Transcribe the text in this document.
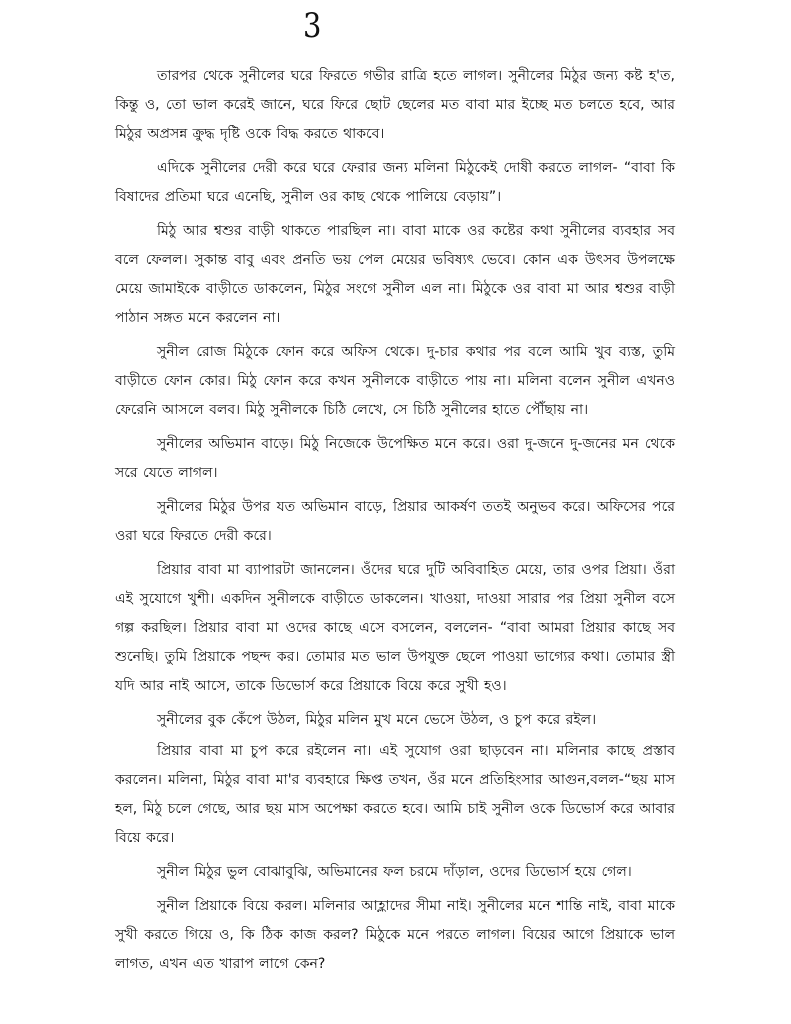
3

তারপর থেকে সুনীলের ঘরে ফিরতে গভীর রাত্রি হতে লাগল। সুনীলের মিঠুর জন্য কষ্ট হ'ত, কিন্তু ও, তো ভাল করেই জানে, ঘরে ফিরে ছোট ছেলের মত বাবা মার ইচ্ছে মত চলতে হবে, আর মিঠুর অপ্রসন্ন ক্রুদ্ধ দৃষ্টি ওকে বিদ্ধ করতে থাকবে।

এদিকে সুনীলের দেরী করে ঘরে ফেরার জন্য মলিনা মিঠুকেই দোষী করতে লাগল- “বাবা কি বিষাদের প্রতিমা ঘরে এনেছি, সুনীল ওর কাছ থেকে পালিয়ে বেড়ায়”।

মিঠু আর শ্বশুর বাড়ী থাকতে পারছিল না। বাবা মাকে ওর কষ্টের কথা সুনীলের ব্যবহার সব বলে ফেলল। সুকান্ত বাবু এবং প্রনতি ভয় পেল মেয়ের ভবিষ্যৎ ভেবে। কোন এক উৎসব উপলক্ষে মেয়ে জামাইকে বাড়ীতে ডাকলেন, মিঠুর সংগে সুনীল এল না। মিঠুকে ওর বাবা মা আর শ্বশুর বাড়ী পাঠান সঙ্গত মনে করলেন না।

সুনীল রোজ মিঠুকে ফোন করে অফিস থেকে। দু-চার কথার পর বলে আমি খুব ব্যস্ত, তুমি বাড়ীতে ফোন কোর। মিঠু ফোন করে কখন সুনীলকে বাড়ীতে পায় না। মলিনা বলেন সুনীল এখনও ফেরেনি আসলে বলব। মিঠু সুনীলকে চিঠি লেখে, সে চিঠি সুনীলের হাতে পৌঁছায় না।

সুনীলের অভিমান বাড়ে। মিঠু নিজেকে উপেক্ষিত মনে করে। ওরা দু-জনে দু-জনের মন থেকে সরে যেতে লাগল।

সুনীলের মিঠুর উপর যত অভিমান বাড়ে, প্রিয়ার আকর্ষণ ততই অনুভব করে। অফিসের পরে ওরা ঘরে ফিরতে দেরী করে।

প্রিয়ার বাবা মা ব্যাপারটা জানলেন। ওঁদের ঘরে দুটি অবিবাহিত মেয়ে, তার ওপর প্রিয়া। ওঁরা এই সুযোগে খুশী। একদিন সুনীলকে বাড়ীতে ডাকলেন। খাওয়া, দাওয়া সারার পর প্রিয়া সুনীল বসে গল্প করছিল। প্রিয়ার বাবা মা ওদের কাছে এসে বসলেন, বললেন- “বাবা আমরা প্রিয়ার কাছে সব শুনেছি। তুমি প্রিয়াকে পছন্দ কর। তোমার মত ভাল উপযুক্ত ছেলে পাওয়া ভাগ্যের কথা। তোমার স্ত্রী যদি আর নাই আসে, তাকে ডিভোর্স করে প্রিয়াকে বিয়ে করে সুখী হও।

সুনীলের বুক কেঁপে উঠল, মিঠুর মলিন মুখ মনে ভেসে উঠল, ও চুপ করে রইল।

প্রিয়ার বাবা মা চুপ করে রইলেন না। এই সুযোগ ওরা ছাড়বেন না। মলিনার কাছে প্রস্তাব করলেন। মলিনা, মিঠুর বাবা মা'র ব্যবহারে ক্ষিপ্ত তখন, ওঁর মনে প্রতিহিংসার আগুন,বলল-“ছয় মাস হল, মিঠু চলে গেছে, আর ছয় মাস অপেক্ষা করতে হবে। আমি চাই সুনীল ওকে ডিভোর্স করে আবার বিয়ে করে।

সুনীল মিঠুর ভুল বোঝাবুঝি, অভিমানের ফল চরমে দাঁড়াল, ওদের ডিভোর্স হয়ে গেল।

সুনীল প্রিয়াকে বিয়ে করল। মলিনার আহ্লাদের সীমা নাই। সুনীলের মনে শান্তি নাই, বাবা মাকে সুখী করতে গিয়ে ও, কি ঠিক কাজ করল? মিঠুকে মনে পরতে লাগল। বিয়ের আগে প্রিয়াকে ভাল লাগত, এখন এত খারাপ লাগে কেন?
